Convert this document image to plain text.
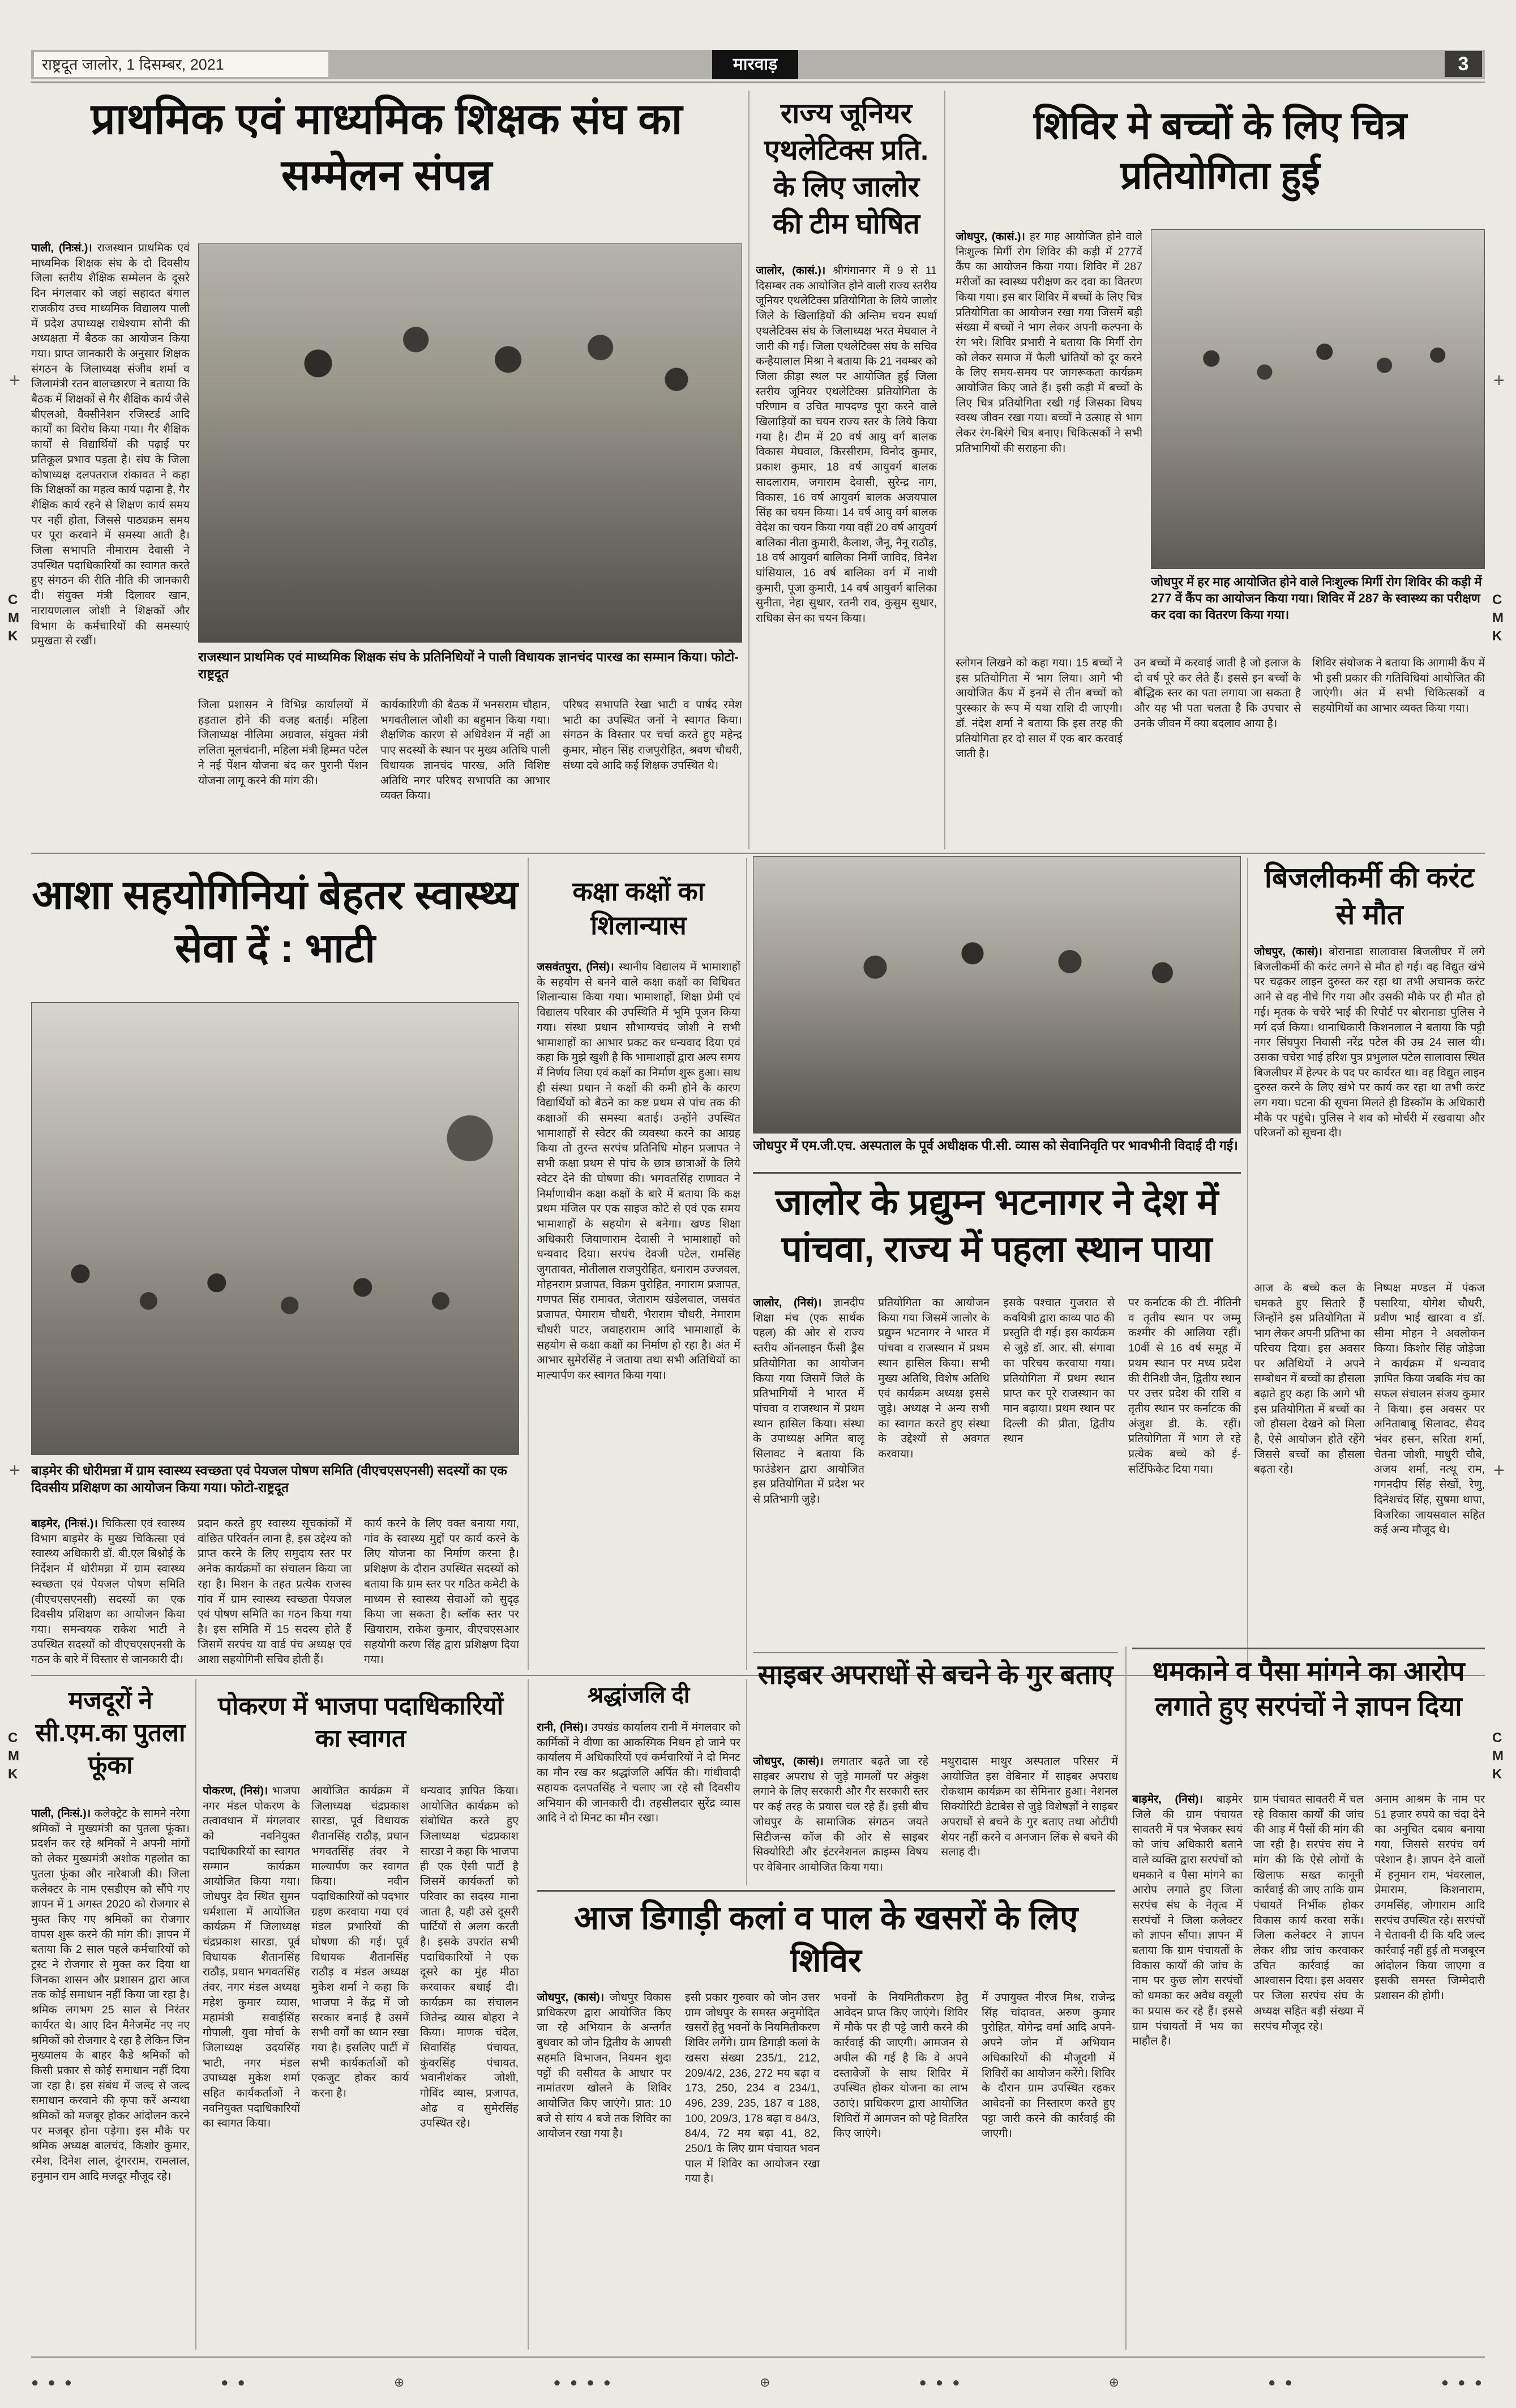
राष्ट्रदूत जालोर, 1 दिसम्बर, 2021	मारवाड़	3
प्राथमिक एवं माध्यमिक शिक्षक संघ का सम्मेलन संपन्न
पाली, (निःसं.)। राजस्थान प्राथमिक एवं माध्यमिक शिक्षक संघ के दो दिवसीय जिला स्तरीय शैक्षिक सम्मेलन के दूसरे दिन मंगलवार को जहां सहादत बंगाल राजकीय उच्च माध्यमिक विद्यालय पाली में प्रदेश उपाध्यक्ष राधेश्याम सोनी की अध्यक्षता में बैठक का आयोजन किया गया। प्राप्त जानकारी के अनुसार शिक्षक संगठन के जिलाध्यक्ष संजीव शर्मा व जिलामंत्री रतन बालच्छारण ने बताया कि बैठक में शिक्षकों से गैर शैक्षिक कार्य जैसे बीएलओ, वैक्सीनेशन रजिस्टर्ड आदि कार्यों का विरोध किया गया। गैर शैक्षिक कार्यों से विद्यार्थियों की पढ़ाई पर प्रतिकूल प्रभाव पड़ता है। संघ के जिला कोषाध्यक्ष दलपतराज रांकावत ने कहा कि शिक्षकों का महत्व कार्य पढ़ाना है, गैर शैक्षिक कार्य रहने से शिक्षण कार्य समय पर नहीं होता, जिससे पाठ्यक्रम समय पर पूरा करवाने में समस्या आती है। जिला सभापति नीमाराम देवासी ने उपस्थित पदाधिकारियों का स्वागत करते हुए संगठन की रीति नीति की जानकारी दी। संयुक्त मंत्री दिलावर खान, नारायणलाल जोशी ने शिक्षकों और विभाग के कर्मचारियों की समस्याएं प्रमुखता से रखीं।
राजस्थान प्राथमिक एवं माध्यमिक शिक्षक संघ के प्रतिनिधियों ने पाली विधायक ज्ञानचंद पारख का सम्मान किया। फोटो-राष्ट्रदूत
जिला प्रशासन ने विभिन्न कार्यालयों में हड़ताल होने की वजह बताई। महिला जिलाध्यक्ष नीलिमा अग्रवाल, संयुक्त मंत्री ललिता मूलचंदानी, महिला मंत्री हिम्मत पटेल ने नई पेंशन योजना बंद कर पुरानी पेंशन योजना लागू करने की मांग की।
कार्यकारिणी की बैठक में भनसराम चौहान, भगवतीलाल जोशी का बहुमान किया गया। शैक्षणिक कारण से अधिवेशन में नहीं आ पाए सदस्यों के स्थान पर मुख्य अतिथि पाली विधायक ज्ञानचंद पारख, अति विशिष्ट अतिथि नगर परिषद सभापति का आभार व्यक्त किया।
परिषद सभापति रेखा भाटी व पार्षद रमेश भाटी का उपस्थित जनों ने स्वागत किया। संगठन के विस्तार पर चर्चा करते हुए महेन्द्र कुमार, मोहन सिंह राजपुरोहित, श्रवण चौधरी, संध्या दवे आदि कई शिक्षक उपस्थित थे।
राज्य जूनियर एथलेटिक्स प्रति. के लिए जालोर की टीम घोषित
जालोर, (कासं.)। श्रीगंगानगर में 9 से 11 दिसम्बर तक आयोजित होने वाली राज्य स्तरीय जूनियर एथलेटिक्स प्रतियोगिता के लिये जालोर जिले के खिलाड़ियों की अन्तिम चयन स्पर्धा एथलेटिक्स संघ के जिलाध्यक्ष भरत मेघवाल ने जारी की गई। जिला एथलेटिक्स संघ के सचिव कन्हैयालाल मिश्रा ने बताया कि 21 नवम्बर को जिला क्रीड़ा स्थल पर आयोजित हुई जिला स्तरीय जूनियर एथलेटिक्स प्रतियोगिता के परिणाम व उचित मापदण्ड पूरा करने वाले खिलाड़ियों का चयन राज्य स्तर के लिये किया गया है। टीम में 20 वर्ष आयु वर्ग बालक विकास मेघवाल, किरसीराम, विनोद कुमार, प्रकाश कुमार, 18 वर्ष आयुवर्ग बालक सादलाराम, जगाराम देवासी, सुरेन्द्र नाग, विकास, 16 वर्ष आयुवर्ग बालक अजयपाल सिंह का चयन किया। 14 वर्ष आयु वर्ग बालक वेदेश का चयन किया गया वहीं 20 वर्ष आयुवर्ग बालिका नीता कुमारी, कैलाश, जैनू, नैनू राठौड़, 18 वर्ष आयुवर्ग बालिका निर्मी जाविद, विनेश घांसियाल, 16 वर्ष बालिका वर्ग में नाथी कुमारी, पूजा कुमारी, 14 वर्ष आयुवर्ग बालिका सुनीता, नेहा सुथार, रतनी राव, कुसुम सुथार, राधिका सेन का चयन किया।
शिविर मे बच्चों के लिए चित्र प्रतियोगिता हुई
जोधपुर, (कासं.)। हर माह आयोजित होने वाले निःशुल्क मिर्गी रोग शिविर की कड़ी में 277वें कैंप का आयोजन किया गया। शिविर में 287 मरीजों का स्वास्थ्य परीक्षण कर दवा का वितरण किया गया। इस बार शिविर में बच्चों के लिए चित्र प्रतियोगिता का आयोजन रखा गया जिसमें बड़ी संख्या में बच्चों ने भाग लेकर अपनी कल्पना के रंग भरे। शिविर प्रभारी ने बताया कि मिर्गी रोग को लेकर समाज में फैली भ्रांतियों को दूर करने के लिए समय-समय पर जागरूकता कार्यक्रम आयोजित किए जाते हैं। इसी कड़ी में बच्चों के लिए चित्र प्रतियोगिता रखी गई जिसका विषय स्वस्थ जीवन रखा गया। बच्चों ने उत्साह से भाग लेकर रंग-बिरंगे चित्र बनाए। चिकित्सकों ने सभी प्रतिभागियों की सराहना की।
जोधपुर में हर माह आयोजित होने वाले निःशुल्क मिर्गी रोग शिविर की कड़ी में 277 वें कैंप का आयोजन किया गया। शिविर में 287 के स्वास्थ्य का परीक्षण कर दवा का वितरण किया गया।
स्लोगन लिखने को कहा गया। 15 बच्चों ने इस प्रतियोगिता में भाग लिया। आगे भी आयोजित कैंप में इनमें से तीन बच्चों को पुरस्कार के रूप में यथा राशि दी जाएगी। डॉ. नंदेश शर्मा ने बताया कि इस तरह की प्रतियोगिता हर दो साल में एक बार करवाई जाती है।
उन बच्चों में करवाई जाती है जो इलाज के दो वर्ष पूरे कर लेते हैं। इससे इन बच्चों के बौद्धिक स्तर का पता लगाया जा सकता है और यह भी पता चलता है कि उपचार से उनके जीवन में क्या बदलाव आया है।
शिविर संयोजक ने बताया कि आगामी कैंप में भी इसी प्रकार की गतिविधियां आयोजित की जाएंगी। अंत में सभी चिकित्सकों व सहयोगियों का आभार व्यक्त किया गया।
आशा सहयोगिनियां बेहतर स्वास्थ्य सेवा दें : भाटी
बाड़मेर की धोरीमन्ना में ग्राम स्वास्थ्य स्वच्छता एवं पेयजल पोषण समिति (वीएचएसएनसी) सदस्यों का एक दिवसीय प्रशिक्षण का आयोजन किया गया। फोटो-राष्ट्रदूत
बाड़मेर, (निःसं.)। चिकित्सा एवं स्वास्थ्य विभाग बाड़मेर के मुख्य चिकित्सा एवं स्वास्थ्य अधिकारी डॉ. बी.एल बिश्नोई के निर्देशन में धोरीमन्ना में ग्राम स्वास्थ्य स्वच्छता एवं पेयजल पोषण समिति (वीएचएसएनसी) सदस्यों का एक दिवसीय प्रशिक्षण का आयोजन किया गया। समन्वयक राकेश भाटी ने उपस्थित सदस्यों को वीएचएसएनसी के गठन के बारे में विस्तार से जानकारी दी।
प्रदान करते हुए स्वास्थ्य सूचकांकों में वांछित परिवर्तन लाना है, इस उद्देश्य को प्राप्त करने के लिए समुदाय स्तर पर अनेक कार्यक्रमों का संचालन किया जा रहा है। मिशन के तहत प्रत्येक राजस्व गांव में ग्राम स्वास्थ्य स्वच्छता पेयजल एवं पोषण समिति का गठन किया गया है। इस समिति में 15 सदस्य होते हैं जिसमें सरपंच या वार्ड पंच अध्यक्ष एवं आशा सहयोगिनी सचिव होती हैं।
कार्य करने के लिए वक्त बनाया गया, गांव के स्वास्थ्य मुद्दों पर कार्य करने के लिए योजना का निर्माण करना है। प्रशिक्षण के दौरान उपस्थित सदस्यों को बताया कि ग्राम स्तर पर गठित कमेटी के माध्यम से स्वास्थ्य सेवाओं को सुदृढ़ किया जा सकता है। ब्लॉक स्तर पर खियाराम, राकेश कुमार, वीएचएसआर सहयोगी करण सिंह द्वारा प्रशिक्षण दिया गया।
कक्षा कक्षों का शिलान्यास
जसवंतपुरा, (निसं)। स्थानीय विद्यालय में भामाशाहों के सहयोग से बनने वाले कक्षा कक्षों का विधिवत शिलान्यास किया गया। भामाशाहों, शिक्षा प्रेमी एवं विद्यालय परिवार की उपस्थिति में भूमि पूजन किया गया। संस्था प्रधान सौभाग्यचंद जोशी ने सभी भामाशाहों का आभार प्रकट कर धन्यवाद दिया एवं कहा कि मुझे खुशी है कि भामाशाहों द्वारा अल्प समय में निर्णय लिया एवं कक्षों का निर्माण शुरू हुआ। साथ ही संस्था प्रधान ने कक्षों की कमी होने के कारण विद्यार्थियों को बैठने का कष्ट प्रथम से पांच तक की कक्षाओं की समस्या बताई। उन्होंने उपस्थित भामाशाहों से स्वेटर की व्यवस्था करने का आग्रह किया तो तुरन्त सरपंच प्रतिनिधि मोहन प्रजापत ने सभी कक्षा प्रथम से पांच के छात्र छात्राओं के लिये स्वेटर देने की घोषणा की। भगवतसिंह राणावत ने निर्माणाधीन कक्षा कक्षों के बारे में बताया कि कक्ष प्रथम मंजिल पर एक साइज कोटे से एवं एक समय भामाशाहों के सहयोग से बनेगा। खण्ड शिक्षा अधिकारी जियाणाराम देवासी ने भामाशाहों को धन्यवाद दिया। सरपंच देवजी पटेल, रामसिंह जुगतावत, मोतीलाल राजपुरोहित, धनाराम उज्जवल, मोहनराम प्रजापत, विक्रम पुरोहित, नगाराम प्रजापत, गणपत सिंह रामावत, जेताराम खंडेलवाल, जसवंत प्रजापत, पेमाराम चौधरी, भैराराम चौधरी, नेमाराम चौधरी पाटर, जवाहराराम आदि भामाशाहों के सहयोग से कक्षा कक्षों का निर्माण हो रहा है। अंत में आभार सुमेरसिंह ने जताया तथा सभी अतिथियों का माल्यार्पण कर स्वागत किया गया।
जोधपुर में एम.जी.एच. अस्पताल के पूर्व अधीक्षक पी.सी. व्यास को सेवानिवृति पर भावभीनी विदाई दी गई।
जालोर के प्रद्युम्न भटनागर ने देश में पांचवा, राज्य में पहला स्थान पाया
जालोर, (निसं)। ज्ञानदीप शिक्षा मंच (एक सार्थक पहल) की ओर से राज्य स्तरीय ऑनलाइन फैंसी ड्रैस प्रतियोगिता का आयोजन किया गया जिसमें जिले के प्रतिभागियों ने भारत में पांचवा व राजस्थान में प्रथम स्थान हासिल किया। संस्था के उपाध्यक्ष अमित बालू सिलावट ने बताया कि फाउंडेशन द्वारा आयोजित इस प्रतियोगिता में प्रदेश भर से प्रतिभागी जुड़े।
प्रतियोगिता का आयोजन किया गया जिसमें जालोर के प्रद्युम्न भटनागर ने भारत में पांचवा व राजस्थान में प्रथम स्थान हासिल किया। सभी मुख्य अतिथि, विशेष अतिथि एवं कार्यक्रम अध्यक्ष इससे जुड़े। अध्यक्ष ने अन्य सभी का स्वागत करते हुए संस्था के उद्देश्यों से अवगत करवाया।
इसके पश्चात गुजरात से कवयित्री द्वारा काव्य पाठ की प्रस्तुति दी गई। इस कार्यक्रम से जुड़े डॉ. आर. सी. संगावा का परिचय करवाया गया। प्रतियोगिता में प्रथम स्थान प्राप्त कर पूरे राजस्थान का मान बढ़ाया। प्रथम स्थान पर दिल्ली की प्रीता, द्वितीय स्थान
पर कर्नाटक की टी. नीतिनी व तृतीय स्थान पर जम्मू कश्मीर की आलिया रहीं। 10वीं से 16 वर्ष समूह में प्रथम स्थान पर मध्य प्रदेश की रीनिशी जैन, द्वितीय स्थान पर उत्तर प्रदेश की राशि व तृतीय स्थान पर कर्नाटक की अंजुश डी. के. रहीं। प्रतियोगिता में भाग ले रहे प्रत्येक बच्चे को ई-सर्टिफिकेट दिया गया।
बिजलीकर्मी की करंट से मौत
जोधपुर, (कासं)। बोरानाडा सालावास बिजलीघर में लगे बिजलीकर्मी की करंट लगने से मौत हो गई। वह विद्युत खंभे पर चढ़कर लाइन दुरुस्त कर रहा था तभी अचानक करंट आने से वह नीचे गिर गया और उसकी मौके पर ही मौत हो गई। मृतक के चचेरे भाई की रिपोर्ट पर बोरानाडा पुलिस ने मर्ग दर्ज किया। थानाधिकारी किशनलाल ने बताया कि पट्टी नगर सिंघपुरा निवासी नरेंद्र पटेल की उम्र 24 साल थी। उसका चचेरा भाई हरिश पुत्र प्रभुलाल पटेल सालावास स्थित बिजलीघर में हेल्पर के पद पर कार्यरत था। वह विद्युत लाइन दुरुस्त करने के लिए खंभे पर कार्य कर रहा था तभी करंट लग गया। घटना की सूचना मिलते ही डिस्कॉम के अधिकारी मौके पर पहुंचे। पुलिस ने शव को मोर्चरी में रखवाया और परिजनों को सूचना दी।
आज के बच्चे कल के चमकते हुए सितारे हैं जिन्होंने इस प्रतियोगिता में भाग लेकर अपनी प्रतिभा का परिचय दिया। इस अवसर पर अतिथियों ने अपने सम्बोधन में बच्चों का हौसला बढ़ाते हुए कहा कि आगे भी इस प्रतियोगिता में बच्चों का जो हौसला देखने को मिला है, ऐसे आयोजन होते रहेंगे जिससे बच्चों का हौसला बढ़ता रहे।
निष्पक्ष मण्डल में पंकज पसारिया, योगेश चौधरी, प्रवीण भाई खारवा व डॉ. सीमा मोहन ने अवलोकन किया। किशोर सिंह जोड़ेजा ने कार्यक्रम में धन्यवाद ज्ञापित किया जबकि मंच का सफल संचालन संजय कुमार ने किया। इस अवसर पर अनिताबाबू सिलावट, सैयद भंवर हसन, सरिता शर्मा, चेतना जोशी, माधुरी चौबे, अजय शर्मा, नत्थू राम, गगनदीप सिंह सेखों, रेणु, दिनेशचंद सिंह, सुषमा थापा, विजरिका जायसवाल सहित कई अन्य मौजूद थे।
मजदूरों ने सी.एम.का पुतला फूंका
पाली, (निःसं.)। कलेक्ट्रेट के सामने नरेगा श्रमिकों ने मुख्यमंत्री का पुतला फूंका। प्रदर्शन कर रहे श्रमिकों ने अपनी मांगों को लेकर मुख्यमंत्री अशोक गहलोत का पुतला फूंका और नारेबाजी की। जिला कलेक्टर के नाम एसडीएम को सौंपे गए ज्ञापन में 1 अगस्त 2020 को रोजगार से मुक्त किए गए श्रमिकों का रोजगार वापस शुरू करने की मांग की। ज्ञापन में बताया कि 2 साल पहले कर्मचारियों को ट्रस्ट ने रोजगार से मुक्त कर दिया था जिनका शासन और प्रशासन द्वारा आज तक कोई समाधान नहीं किया जा रहा है। श्रमिक लगभग 25 साल से निरंतर कार्यरत थे। आए दिन मैनेजमेंट नए नए श्रमिकों को रोजगार दे रहा है लेकिन जिन मुख्यालय के बाहर कैडे श्रमिकों को किसी प्रकार से कोई समाधान नहीं दिया जा रहा है। इस संबंध में जल्द से जल्द समाधान करवाने की कृपा करें अन्यथा श्रमिकों को मजबूर होकर आंदोलन करने पर मजबूर होना पड़ेगा। इस मौके पर श्रमिक अध्यक्ष बालचंद, किशोर कुमार, रमेश, दिनेश लाल, दूंगरराम, रामलाल, हनुमान राम आदि मजदूर मौजूद रहे।
पोकरण में भाजपा पदाधिकारियों का स्वागत
पोकरण, (निसं)। भाजपा नगर मंडल पोकरण के तत्वावधान में मंगलवार को नवनियुक्त पदाधिकारियों का स्वागत सम्मान कार्यक्रम आयोजित किया गया। जोधपुर देव स्थित सुमन धर्मशाला में आयोजित कार्यक्रम में जिलाध्यक्ष चंद्रप्रकाश सारडा, पूर्व विधायक शैतानसिंह राठौड़, प्रधान भगवतसिंह तंवर, नगर मंडल अध्यक्ष महेश कुमार व्यास, महामंत्री सवाईसिंह गोपाली, युवा मोर्चा के जिलाध्यक्ष उदयसिंह भाटी, नगर मंडल उपाध्यक्ष मुकेश शर्मा सहित कार्यकर्ताओं ने नवनियुक्त पदाधिकारियों का स्वागत किया।
आयोजित कार्यक्रम में जिलाध्यक्ष चंद्रप्रकाश सारडा, पूर्व विधायक शैतानसिंह राठौड़, प्रधान भगवतसिंह तंवर ने माल्यार्पण कर स्वागत किया। नवीन पदाधिकारियों को पदभार ग्रहण करवाया गया एवं मंडल प्रभारियों की घोषणा की गई। पूर्व विधायक शैतानसिंह राठौड़ व मंडल अध्यक्ष मुकेश शर्मा ने कहा कि भाजपा ने केंद्र में जो सरकार बनाई है उसमें सभी वर्गों का ध्यान रखा गया है। इसलिए पार्टी में सभी कार्यकर्ताओं को एकजुट होकर कार्य करना है।
धन्यवाद ज्ञापित किया। आयोजित कार्यक्रम को संबोधित करते हुए जिलाध्यक्ष चंद्रप्रकाश सारडा ने कहा कि भाजपा ही एक ऐसी पार्टी है जिसमें कार्यकर्ता को परिवार का सदस्य माना जाता है, यही उसे दूसरी पार्टियों से अलग करती है। इसके उपरांत सभी पदाधिकारियों ने एक दूसरे का मुंह मीठा करवाकर बधाई दी। कार्यक्रम का संचालन जितेन्द्र व्यास बोहरा ने किया। माणक चंदेल, सिवासिंह पंचायत, कुंवरसिंह पंचायत, भवानीशंकर जोशी, गोविंद व्यास, प्रजापत, ओढ व सुमेरसिंह उपस्थित रहे।
श्रद्धांजलि दी
रानी, (निसं)। उपखंड कार्यालय रानी में मंगलवार को कार्मिकों ने वीणा का आकस्मिक निधन हो जाने पर कार्यालय में अधिकारियों एवं कर्मचारियों ने दो मिनट का मौन रख कर श्रद्धांजलि अर्पित की। गांधीवादी सहायक दलपतसिंह ने चलाए जा रहे सौ दिवसीय अभियान की जानकारी दी। तहसीलदार सुरेंद्र व्यास आदि ने दो मिनट का मौन रखा।
साइबर अपराधों से बचने के गुर बताए
जोधपुर, (कासं)। लगातार बढ़ते जा रहे साइबर अपराध से जुड़े मामलों पर अंकुश लगाने के लिए सरकारी और गैर सरकारी स्तर पर कई तरह के प्रयास चल रहे हैं। इसी बीच जोधपुर के सामाजिक संगठन जयते सिटीजन्स कॉज की ओर से साइबर सिक्योरिटी और इंटरनेशनल क्राइम्स विषय पर वेबिनार आयोजित किया गया।
मथुरादास माथुर अस्पताल परिसर में आयोजित इस वेबिनार में साइबर अपराध रोकथाम कार्यक्रम का सेमिनार हुआ। नेशनल सिक्योरिटी डेटाबेस से जुड़े विशेषज्ञों ने साइबर अपराधों से बचने के गुर बताए तथा ओटीपी शेयर नहीं करने व अनजान लिंक से बचने की सलाह दी।
धमकाने व पैसा मांगने का आरोप लगाते हुए सरपंचों ने ज्ञापन दिया
बाड़मेर, (निसं)। बाड़मेर जिले की ग्राम पंचायत सावतरी में पत्र भेजकर स्वयं को जांच अधिकारी बताने वाले व्यक्ति द्वारा सरपंचों को धमकाने व पैसा मांगने का आरोप लगाते हुए जिला सरपंच संघ के नेतृत्व में सरपंचों ने जिला कलेक्टर को ज्ञापन सौंपा। ज्ञापन में बताया कि ग्राम पंचायतों के विकास कार्यों की जांच के नाम पर कुछ लोग सरपंचों को धमका कर अवैध वसूली का प्रयास कर रहे हैं। इससे ग्राम पंचायतों में भय का माहौल है।
ग्राम पंचायत सावतरी में चल रहे विकास कार्यों की जांच की आड़ में पैसों की मांग की जा रही है। सरपंच संघ ने मांग की कि ऐसे लोगों के खिलाफ सख्त कानूनी कार्रवाई की जाए ताकि ग्राम पंचायतें निर्भीक होकर विकास कार्य करवा सकें। जिला कलेक्टर ने ज्ञापन लेकर शीघ्र जांच करवाकर उचित कार्रवाई का आश्वासन दिया। इस अवसर पर जिला सरपंच संघ के अध्यक्ष सहित बड़ी संख्या में सरपंच मौजूद रहे।
अनाम आश्रम के नाम पर 51 हजार रुपये का चंदा देने का अनुचित दबाव बनाया गया, जिससे सरपंच वर्ग परेशान है। ज्ञापन देने वालों में हनुमान राम, भंवरलाल, प्रेमाराम, किशनाराम, उगमसिंह, जोगाराम आदि सरपंच उपस्थित रहे। सरपंचों ने चेतावनी दी कि यदि जल्द कार्रवाई नहीं हुई तो मजबूरन आंदोलन किया जाएगा व इसकी समस्त जिम्मेदारी प्रशासन की होगी।
आज डिगाड़ी कलां व पाल के खसरों के लिए शिविर
जोधपुर, (कासं)। जोधपुर विकास प्राधिकरण द्वारा आयोजित किए जा रहे अभियान के अन्तर्गत बुधवार को जोन द्वितीय के आपसी सहमति विभाजन, नियमन शुदा पट्टों की वसीयत के आधार पर नामांतरण खोलने के शिविर आयोजित किए जाएंगे। प्रात: 10 बजे से सांय 4 बजे तक शिविर का आयोजन रखा गया है।
इसी प्रकार गुरुवार को जोन उत्तर ग्राम जोधपुर के समस्त अनुमोदित खसरों हेतु भवनों के नियमितीकरण शिविर लगेंगे। ग्राम डिगाड़ी कलां के खसरा संख्या 235/1, 212, 209/4/2, 236, 272 मय बढ़ा व 173, 250, 234 व 234/1, 496, 239, 235, 187 व 188, 100, 209/3, 178 बढ़ा व 84/3, 84/4, 72 मय बढ़ा 41, 82, 250/1 के लिए ग्राम पंचायत भवन पाल में शिविर का आयोजन रखा गया है।
भवनों के नियमितीकरण हेतु आवेदन प्राप्त किए जाएंगे। शिविर में मौके पर ही पट्टे जारी करने की कार्रवाई की जाएगी। आमजन से अपील की गई है कि वे अपने दस्तावेजों के साथ शिविर में उपस्थित होकर योजना का लाभ उठाएं। प्राधिकरण द्वारा आयोजित शिविरों में आमजन को पट्टे वितरित किए जाएंगे।
में उपायुक्त नीरज मिश्र, राजेन्द्र सिंह चांदावत, अरुण कुमार पुरोहित, योगेन्द्र वर्मा आदि अपने-अपने जोन में अभियान अधिकारियों की मौजूदगी में शिविरों का आयोजन करेंगे। शिविर के दौरान ग्राम उपस्थित रहकर आवेदनों का निस्तारण करते हुए पट्टा जारी करने की कार्रवाई की जाएगी।
C
M
K
C
M
K
C
M
K
C
M
K
+	+
+	+
● ● ●	● ●	⊕	● ● ● ●	⊕	● ● ●	⊕	● ●	● ● ●
